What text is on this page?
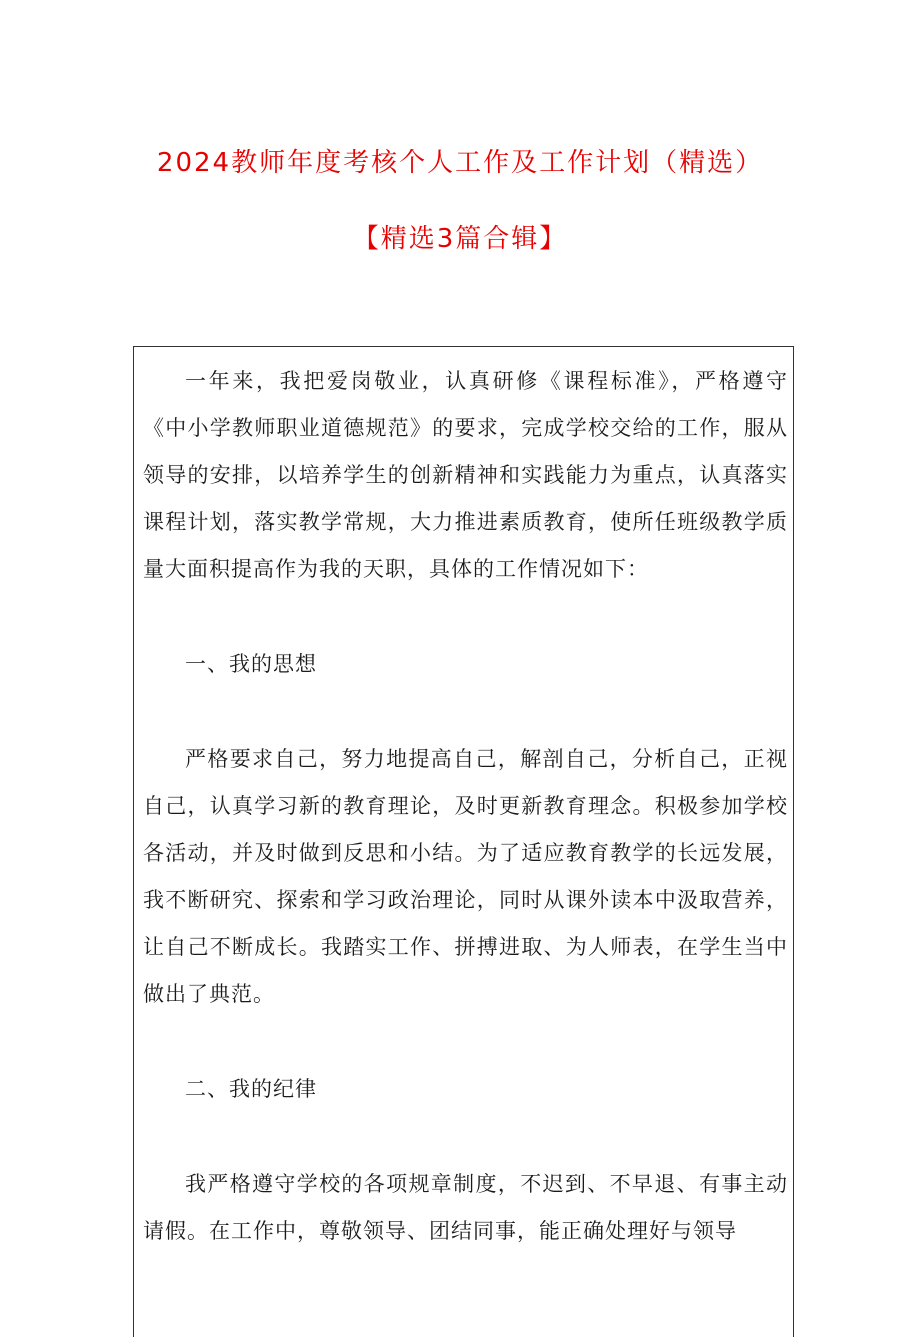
2024教师年度考核个人工作及工作计划（精选）
【精选3篇合辑】

一年来，我把爱岗敬业，认真研修《课程标准》，严格遵守《中小学教师职业道德规范》的要求，完成学校交给的工作，服从领导的安排，以培养学生的创新精神和实践能力为重点，认真落实课程计划，落实教学常规，大力推进素质教育，使所任班级教学质量大面积提高作为我的天职，具体的工作情况如下：

一、我的思想

严格要求自己，努力地提高自己，解剖自己，分析自己，正视自己，认真学习新的教育理论，及时更新教育理念。积极参加学校各活动，并及时做到反思和小结。为了适应教育教学的长远发展，我不断研究、探索和学习政治理论，同时从课外读本中汲取营养，让自己不断成长。我踏实工作、拼搏进取、为人师表，在学生当中做出了典范。

二、我的纪律

我严格遵守学校的各项规章制度，不迟到、不早退、有事主动请假。在工作中，尊敬领导、团结同事，能正确处理好与领导
